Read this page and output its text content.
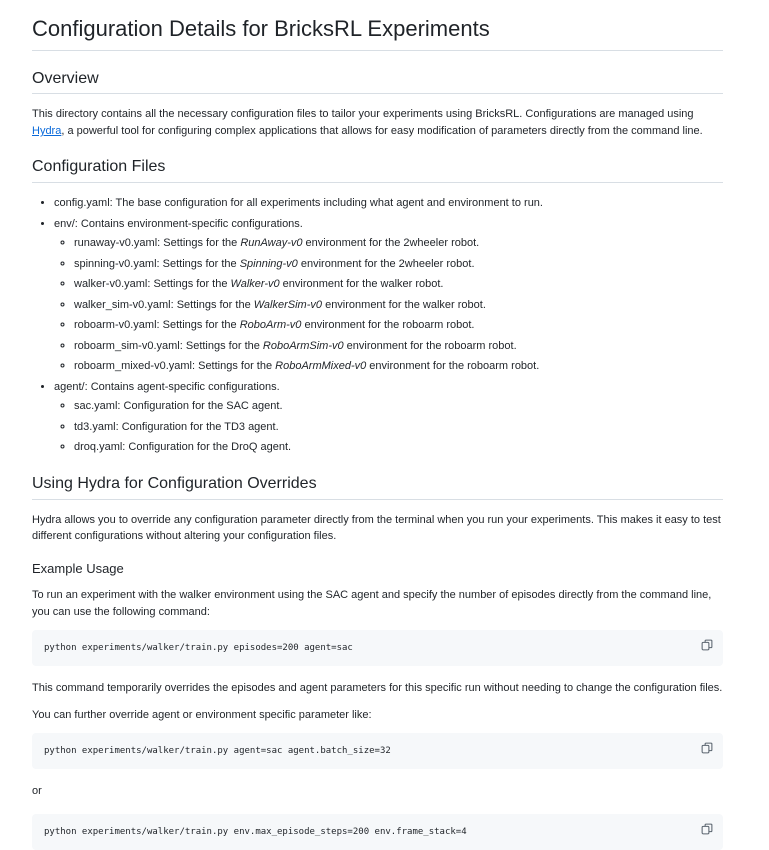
Configuration Details for BricksRL Experiments
Overview

This directory contains all the necessary configuration files to tailor your experiments using BricksRL. Configurations are managed using Hydra, a powerful tool for configuring complex applications that allows for easy modification of parameters directly from the command line.

Configuration Files
• config.yaml: The base configuration for all experiments including what agent and environment to run.
• env/: Contains environment-specific configurations.
◦ runaway-v0.yaml: Settings for the RunAway-v0 environment for the 2wheeler robot.
◦ spinning-v0.yaml: Settings for the Spinning-v0 environment for the 2wheeler robot.
◦ walker-v0.yaml: Settings for the Walker-v0 environment for the walker robot.
◦ walker_sim-v0.yaml: Settings for the WalkerSim-v0 environment for the walker robot.
◦ roboarm-v0.yaml: Settings for the RoboArm-v0 environment for the roboarm robot.
◦ roboarm_sim-v0.yaml: Settings for the RoboArmSim-v0 environment for the roboarm robot.
◦ roboarm_mixed-v0.yaml: Settings for the RoboArmMixed-v0 environment for the roboarm robot.
• agent/: Contains agent-specific configurations.
◦ sac.yaml: Configuration for the SAC agent.
◦ td3.yaml: Configuration for the TD3 agent.
◦ droq.yaml: Configuration for the DroQ agent.
Using Hydra for Configuration Overrides

Hydra allows you to override any configuration parameter directly from the terminal when you run your experiments. This makes it easy to test different configurations without altering your configuration files.

Example Usage

To run an experiment with the walker environment using the SAC agent and specify the number of episodes directly from the command line, you can use the following command:

python experiments/walker/train.py episodes=200 agent=sac

This command temporarily overrides the episodes and agent parameters for this specific run without needing to change the configuration files.

You can further override agent or environment specific parameter like:

python experiments/walker/train.py agent=sac agent.batch_size=32

or

python experiments/walker/train.py env.max_episode_steps=200 env.frame_stack=4
